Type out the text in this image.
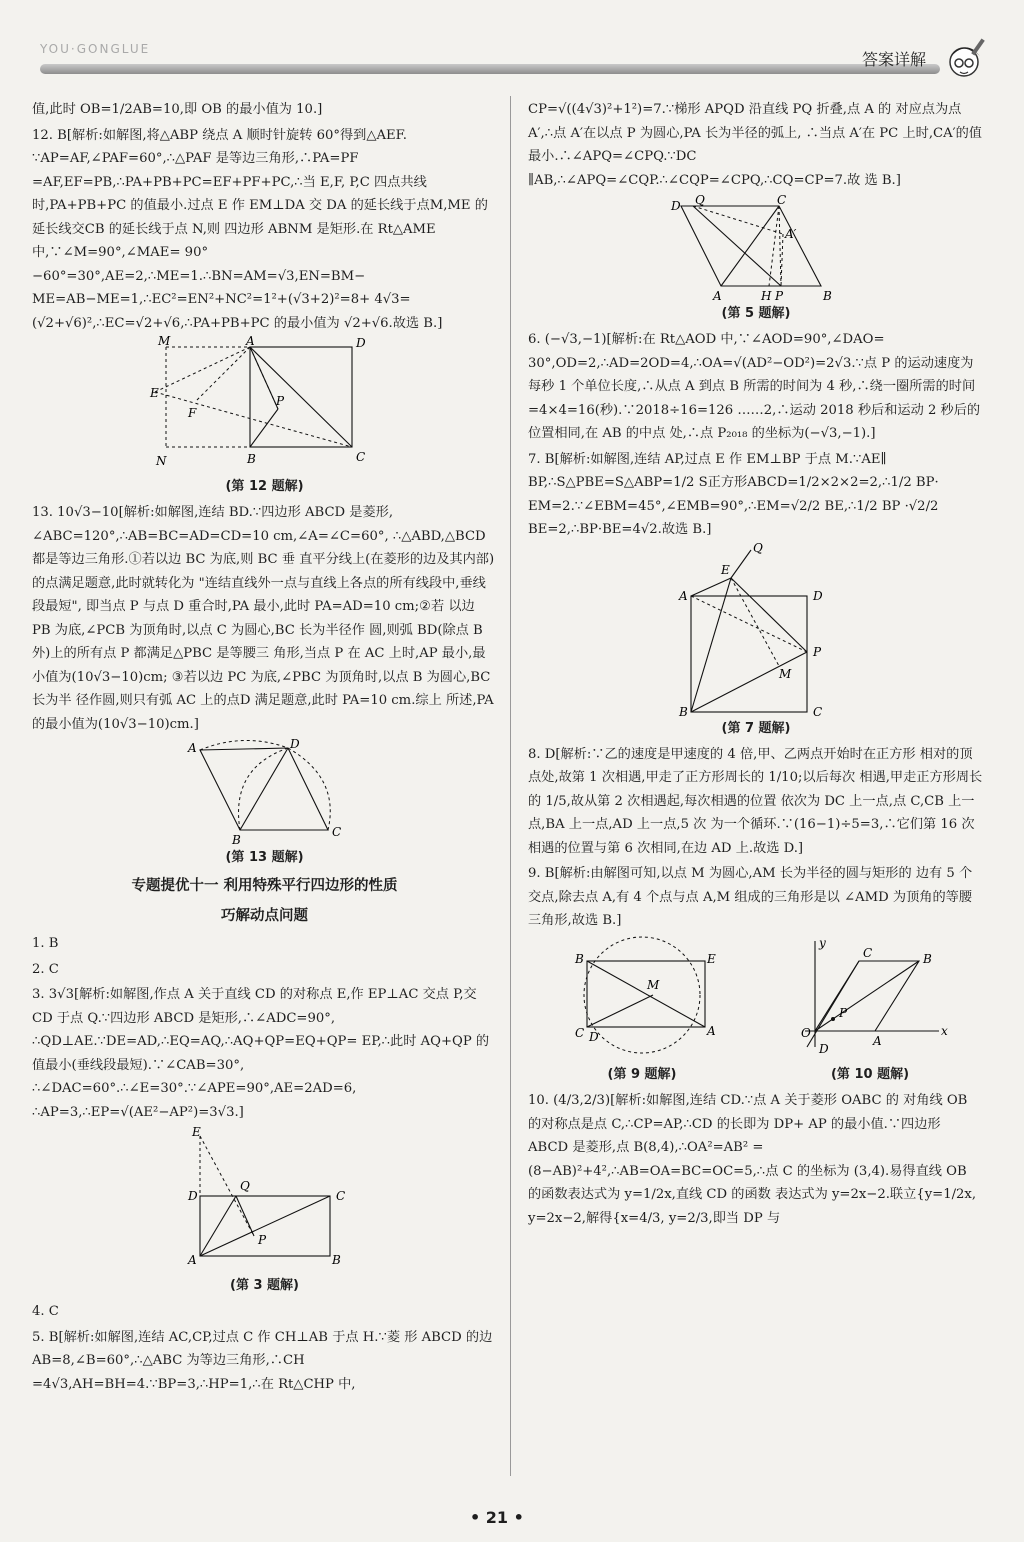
YOU·GONGLUE
答案详解

值,此时 OB=1/2AB=10,即 OB 的最小值为 10.]

12. B[解析:如解图,将△ABP 绕点 A 顺时针旋转 60°得到△AEF. ∵AP=AF,∠PAF=60°,∴△PAF 是等边三角形,∴PA=PF =AF,EF=PB,∴PA+PB+PC=EF+PF+PC,∴当 E,F, P,C 四点共线时,PA+PB+PC 的值最小.过点 E 作 EM⊥DA 交 DA 的延长线于点M,ME 的延长线交CB 的延长线于点 N,则 四边形 ABNM 是矩形.在 Rt△AME 中,∵∠M=90°,∠MAE= 90°−60°=30°,AE=2,∴ME=1.∴BN=AM=√3,EN=BM− ME=AB−ME=1,∴EC²=EN²+NC²=1²+(√3+2)²=8+ 4√3=(√2+√6)²,∴EC=√2+√6,∴PA+PB+PC 的最小值为 √2+√6.故选 B.]

M	A	D
E
F
P
N	B	C
(第 12 题解)

13. 10√3−10[解析:如解图,连结 BD.∵四边形 ABCD 是菱形, ∠ABC=120°,∴AB=BC=AD=CD=10 cm,∠A=∠C=60°, ∴△ABD,△BCD 都是等边三角形.①若以边 BC 为底,则 BC 垂 直平分线上(在菱形的边及其内部)的点满足题意,此时就转化为 "连结直线外一点与直线上各点的所有线段中,垂线段最短", 即当点 P 与点 D 重合时,PA 最小,此时 PA=AD=10 cm;②若 以边 PB 为底,∠PCB 为顶角时,以点 C 为圆心,BC 长为半径作 圆,则弧 BD(除点 B 外)上的所有点 P 都满足△PBC 是等腰三 角形,当点 P 在 AC 上时,AP 最小,最小值为(10√3−10)cm; ③若以边 PC 为底,∠PBC 为顶角时,以点 B 为圆心,BC 长为半 径作圆,则只有弧 AC 上的点D 满足题意,此时 PA=10 cm.综上 所述,PA 的最小值为(10√3−10)cm.]

A	D
B
C
(第 13 题解)
专题提优十一 利用特殊平行四边形的性质
巧解动点问题

1. B

2. C

3. 3√3[解析:如解图,作点 A 关于直线 CD 的对称点 E,作 EP⊥AC 交点 P,交 CD 于点 Q.∵四边形 ABCD 是矩形,∴∠ADC=90°, ∴QD⊥AE.∵DE=AD,∴EQ=AQ,∴AQ+QP=EQ+QP= EP,∴此时 AQ+QP 的值最小(垂线段最短).∵∠CAB=30°, ∴∠DAC=60°.∴∠E=30°.∵∠APE=90°,AE=2AD=6, ∴AP=3,∴EP=√(AE²−AP²)=3√3.]

E
Q
D	C
P
A	B
(第 3 题解)

4. C

5. B[解析:如解图,连结 AC,CP,过点 C 作 CH⊥AB 于点 H.∵菱 形 ABCD 的边 AB=8,∠B=60°,∴△ABC 为等边三角形,∴CH =4√3,AH=BH=4.∵BP=3,∴HP=1,∴在 Rt△CHP 中,

CP=√((4√3)²+1²)=7.∵梯形 APQD 沿直线 PQ 折叠,点 A 的 对应点为点 A′,∴点 A′在以点 P 为圆心,PA 长为半径的弧上, ∴当点 A′在 PC 上时,CA′的值最小.∴∠APQ=∠CPQ.∵DC ∥AB,∴∠APQ=∠CQP.∴∠CQP=∠CPQ,∴CQ=CP=7.故 选 B.]

D Q	C
A′
A	H P	B
(第 5 题解)

6. (−√3,−1)[解析:在 Rt△AOD 中,∵∠AOD=90°,∠DAO= 30°,OD=2,∴AD=2OD=4,∴OA=√(AD²−OD²)=2√3.∵点 P 的运动速度为每秒 1 个单位长度,∴从点 A 到点 B 所需的时间为 4 秒,∴绕一圈所需的时间=4×4=16(秒).∵2018÷16=126 ……2,∴运动 2018 秒后和运动 2 秒后的位置相同,在 AB 的中点 处,∴点 P₂₀₁₈ 的坐标为(−√3,−1).]

7. B[解析:如解图,连结 AP,过点 E 作 EM⊥BP 于点 M.∵AE∥ BP,∴S△PBE=S△ABP=1/2 S正方形ABCD=1/2×2×2=2,∴1/2 BP· EM=2.∵∠EBM=45°,∠EMB=90°,∴EM=√2/2 BE,∴1/2 BP ·√2/2 BE=2,∴BP·BE=4√2.故选 B.]

Q
E
A	D
P
M
B	C
(第 7 题解)

8. D[解析:∵乙的速度是甲速度的 4 倍,甲、乙两点开始时在正方形 相对的顶点处,故第 1 次相遇,甲走了正方形周长的 1/10;以后每次 相遇,甲走正方形周长的 1/5,故从第 2 次相遇起,每次相遇的位置 依次为 DC 上一点,点 C,CB 上一点,BA 上一点,AD 上一点,5 次 为一个循环.∵(16−1)÷5=3,∴它们第 16 次相遇的位置与第 6 次相同,在边 AD 上.故选 D.]

9. B[解析:由解图可知,以点 M 为圆心,AM 长为半径的圆与矩形的 边有 5 个交点,除去点 A,有 4 个点与点 A,M 组成的三角形是以 ∠AMD 为顶角的等腰三角形,故选 B.]

B	E
M
C D	A
(第 9 题解)
y
C	B
P
x
O
A
D
(第 10 题解)

10. (4/3,2/3)[解析:如解图,连结 CD.∵点 A 关于菱形 OABC 的 对角线 OB 的对称点是点 C,∴CP=AP,∴CD 的长即为 DP+ AP 的最小值.∵四边形 ABCD 是菱形,点 B(8,4),∴OA²=AB² =(8−AB)²+4²,∴AB=OA=BC=OC=5,∴点 C 的坐标为 (3,4).易得直线 OB 的函数表达式为 y=1/2x,直线 CD 的函数 表达式为 y=2x−2.联立{y=1/2x, y=2x−2,解得{x=4/3, y=2/3,即当 DP 与

• 21 •
